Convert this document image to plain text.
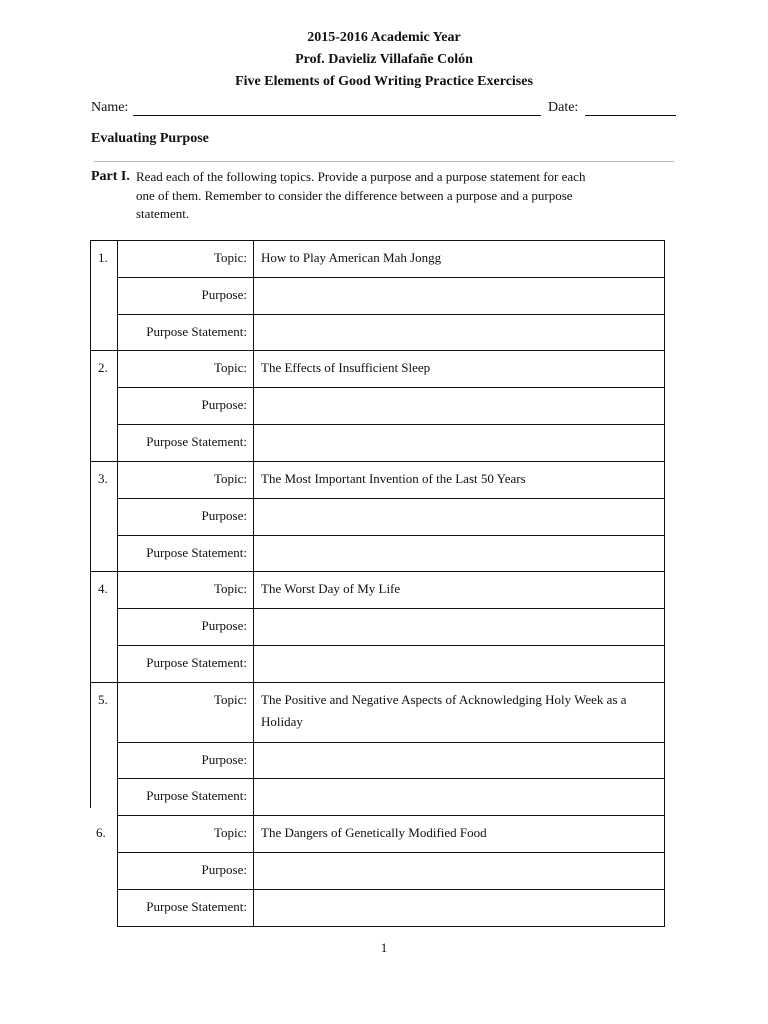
2015-2016 Academic Year
Prof. Davieliz Villafañe Colón
Five Elements of Good Writing Practice Exercises
Name:	Date:
Evaluating Purpose
Part I. Read each of the following topics. Provide a purpose and a purpose statement for each
one of them. Remember to consider the difference between a purpose and a purpose
statement.
1.	Topic: How to Play American Mah Jongg
Purpose:
Purpose Statement:
2.	Topic: The Effects of Insufficient Sleep
Purpose:
Purpose Statement:
3.	Topic: The Most Important Invention of the Last 50 Years
Purpose:
Purpose Statement:
4.	Topic: The Worst Day of My Life
Purpose:
Purpose Statement:
5.	Topic: The Positive and Negative Aspects of Acknowledging Holy Week as a Holiday
Purpose:
Purpose Statement:
6.	Topic: The Dangers of Genetically Modified Food
Purpose:
Purpose Statement:
1
